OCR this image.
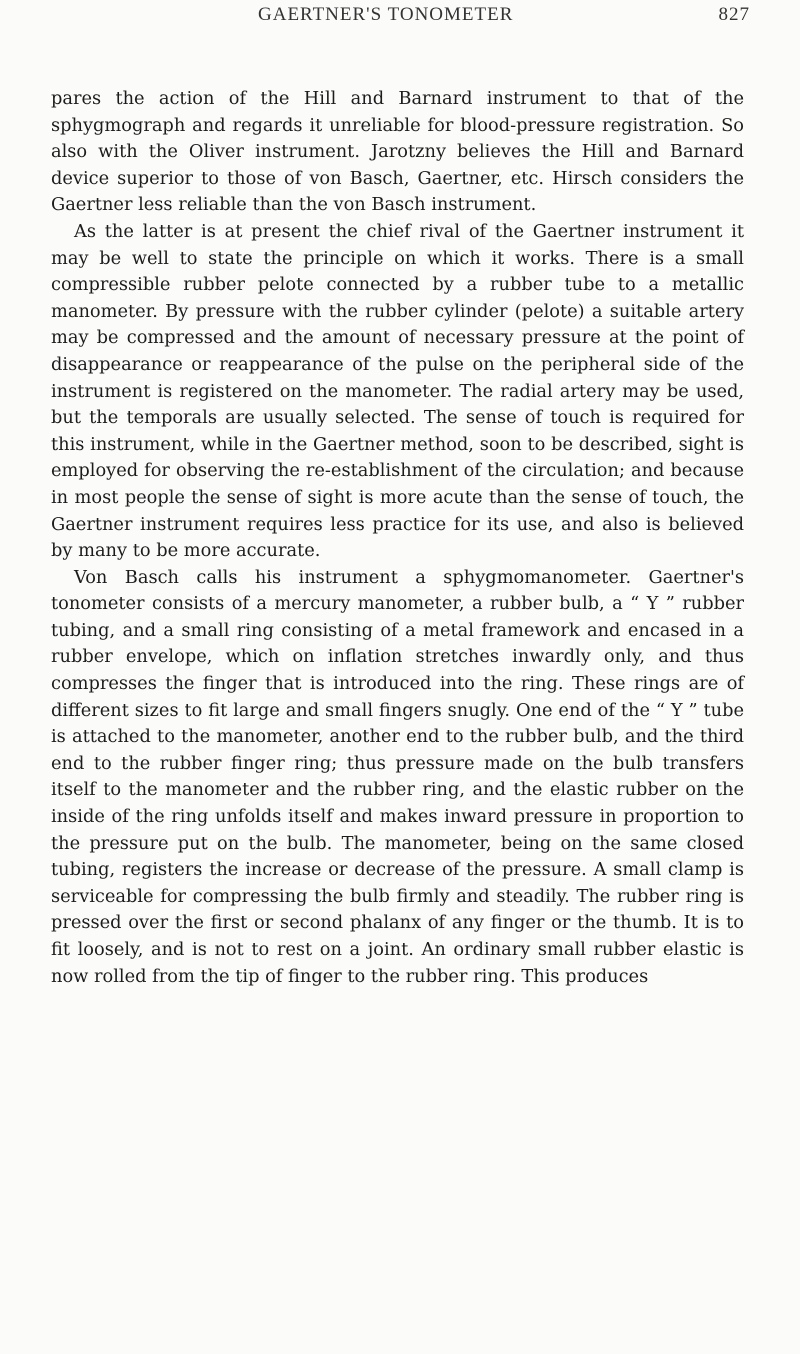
GAERTNER'S TONOMETER	827

pares the action of the Hill and Barnard instrument to that of the sphygmograph and regards it unreliable for blood-pressure registration. So also with the Oliver instrument. Jarotzny believes the Hill and Barnard device superior to those of von Basch, Gaertner, etc. Hirsch considers the Gaertner less reliable than the von Basch instrument.

As the latter is at present the chief rival of the Gaertner instrument it may be well to state the principle on which it works. There is a small compressible rubber pelote connected by a rubber tube to a metallic manometer. By pressure with the rubber cylinder (pelote) a suitable artery may be compressed and the amount of necessary pressure at the point of disappearance or reappearance of the pulse on the peripheral side of the instrument is registered on the manometer. The radial artery may be used, but the temporals are usually selected. The sense of touch is required for this instrument, while in the Gaertner method, soon to be described, sight is employed for observing the re-establishment of the circulation; and because in most people the sense of sight is more acute than the sense of touch, the Gaertner instrument requires less practice for its use, and also is believed by many to be more accurate.

Von Basch calls his instrument a sphygmomanometer. Gaertner's tonometer consists of a mercury manometer, a rubber bulb, a “ Y ” rubber tubing, and a small ring consisting of a metal framework and encased in a rubber envelope, which on inflation stretches inwardly only, and thus compresses the finger that is introduced into the ring. These rings are of different sizes to fit large and small fingers snugly. One end of the “ Y ” tube is attached to the manometer, another end to the rubber bulb, and the third end to the rubber finger ring; thus pressure made on the bulb transfers itself to the manometer and the rubber ring, and the elastic rubber on the inside of the ring unfolds itself and makes inward pressure in proportion to the pressure put on the bulb. The manometer, being on the same closed tubing, registers the increase or decrease of the pressure. A small clamp is serviceable for compressing the bulb firmly and steadily. The rubber ring is pressed over the first or second phalanx of any finger or the thumb. It is to fit loosely, and is not to rest on a joint. An ordinary small rubber elastic is now rolled from the tip of finger to the rubber ring. This produces
